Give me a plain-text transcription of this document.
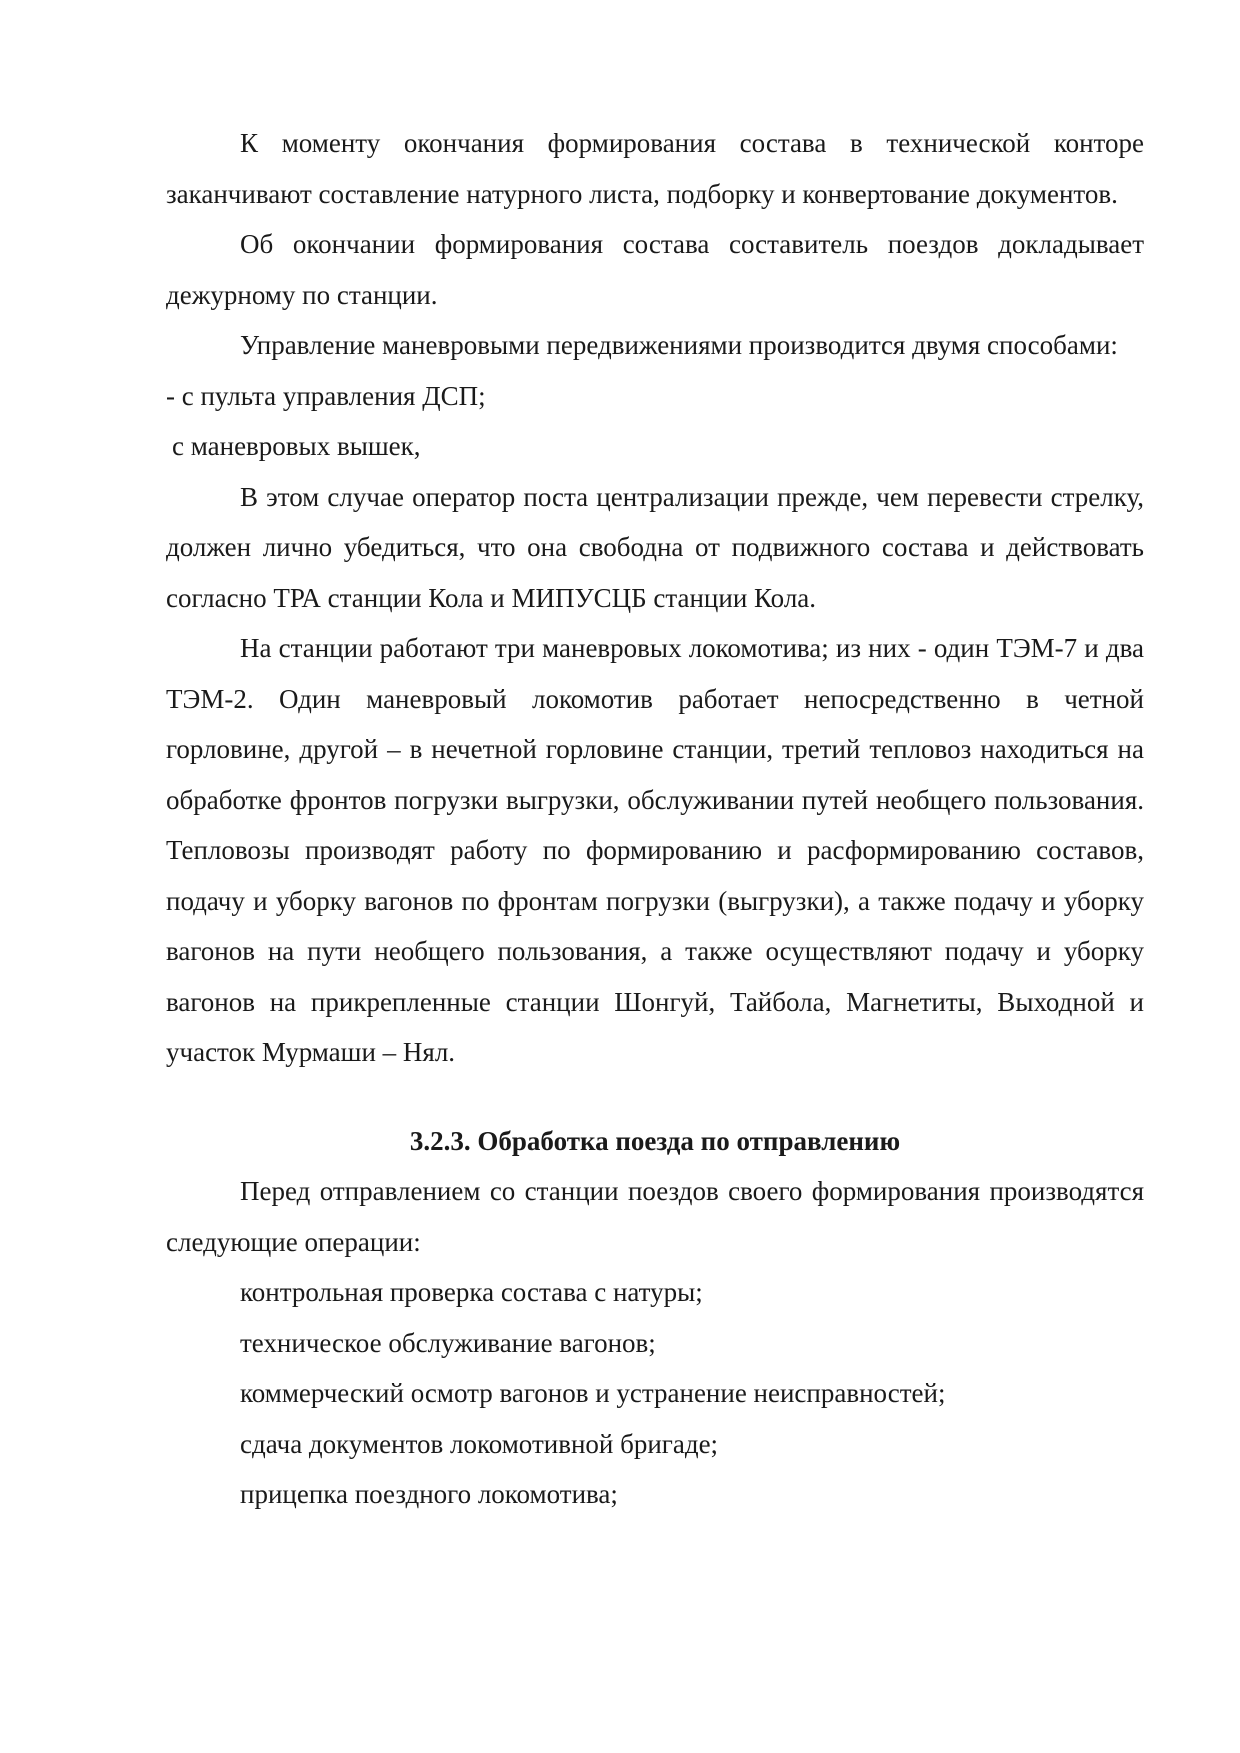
К моменту окончания формирования состава в технической конторе заканчивают составление натурного листа, подборку и конвертование документов.

Об окончании формирования состава составитель поездов докладывает дежурному по станции.

Управление маневровыми передвижениями производится двумя способами:

- с пульта управления ДСП;

с маневровых вышек,

В этом случае оператор поста централизации прежде, чем перевести стрелку, должен лично убедиться, что она свободна от подвижного состава и действовать согласно ТРА станции Кола и МИПУСЦБ станции Кола.

На станции работают три маневровых локомотива; из них - один ТЭМ-7 и два ТЭМ-2. Один маневровый локомотив работает непосредственно в четной горловине, другой – в нечетной горловине станции, третий тепловоз находиться на обработке фронтов погрузки выгрузки, обслуживании путей необщего пользования. Тепловозы производят работу по формированию и расформированию составов, подачу и уборку вагонов по фронтам погрузки (выгрузки), а также подачу и уборку вагонов на пути необщего пользования, а также осуществляют подачу и уборку вагонов на прикрепленные станции Шонгуй, Тайбола, Магнетиты, Выходной и участок Мурмаши – Нял.

3.2.3. Обработка поезда по отправлению

Перед отправлением со станции поездов своего формирования производятся следующие операции:

контрольная проверка состава с натуры;
техническое обслуживание вагонов;
коммерческий осмотр вагонов и устранение неисправностей;
сдача документов локомотивной бригаде;
прицепка поездного локомотива;
